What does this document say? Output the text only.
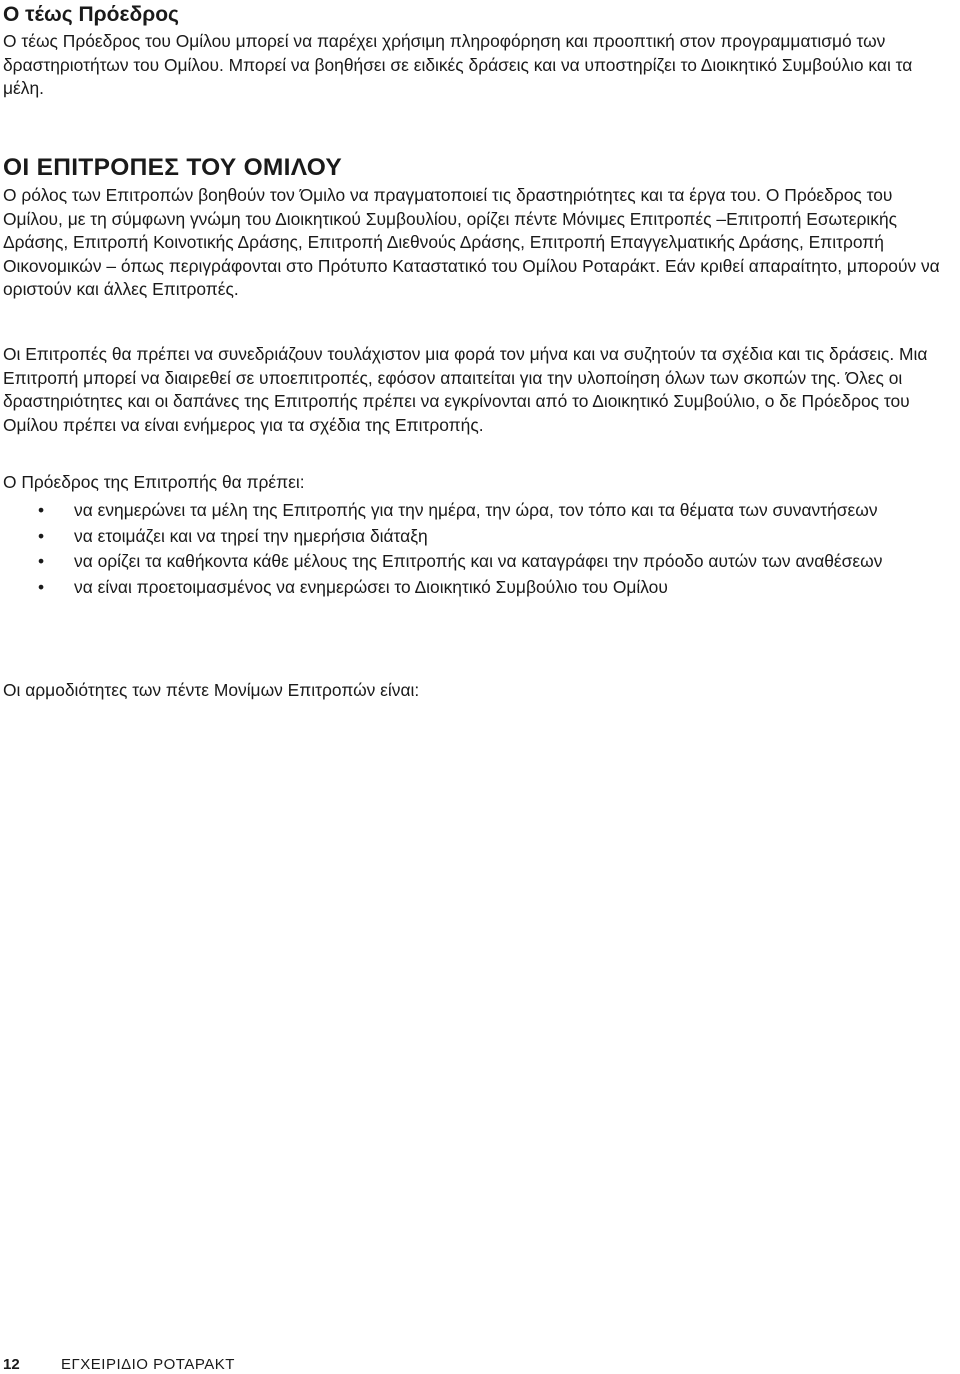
Ο τέως Πρόεδρος

Ο τέως Πρόεδρος του Ομίλου μπορεί να παρέχει χρήσιμη πληροφόρηση και προοπτική στον προγραμματισμό των δραστηριοτήτων του Ομίλου. Μπορεί να βοηθήσει σε ειδικές δράσεις και να υποστηρίζει το Διοικητικό Συμβούλιο και τα μέλη.

ΟΙ ΕΠΙΤΡΟΠΕΣ ΤΟΥ ΟΜΙΛΟΥ

Ο ρόλος των Επιτροπών βοηθούν τον Όμιλο να πραγματοποιεί τις δραστηριότητες και τα έργα του. Ο Πρόεδρος του Ομίλου, με τη σύμφωνη γνώμη του Διοικητικού Συμβουλίου, ορίζει πέντε Μόνιμες Επιτροπές –Επιτροπή Εσωτερικής Δράσης, Επιτροπή Κοινοτικής Δράσης, Επιτροπή Διεθνούς Δράσης, Επιτροπή Επαγγελματικής Δράσης, Επιτροπή Οικονομικών – όπως περιγράφονται στο Πρότυπο Καταστατικό του Ομίλου Ροταράκτ. Εάν κριθεί απαραίτητο, μπορούν να οριστούν και άλλες Επιτροπές.

Οι Επιτροπές θα πρέπει να συνεδριάζουν τουλάχιστον μια φορά τον μήνα και να συζητούν τα σχέδια και τις δράσεις. Μια Επιτροπή μπορεί να διαιρεθεί σε υποεπιτροπές, εφόσον απαιτείται για την υλοποίηση όλων των σκοπών της. Όλες οι δραστηριότητες και οι δαπάνες της Επιτροπής πρέπει να εγκρίνονται από το Διοικητικό Συμβούλιο, ο δε Πρόεδρος του Ομίλου πρέπει να είναι ενήμερος για τα σχέδια της Επιτροπής.

Ο Πρόεδρος της Επιτροπής θα πρέπει:

• να ενημερώνει τα μέλη της Επιτροπής για την ημέρα, την ώρα, τον τόπο και τα θέματα των συναντήσεων
• να ετοιμάζει και να τηρεί την ημερήσια διάταξη
• να ορίζει τα καθήκοντα κάθε μέλους της Επιτροπής και να καταγράφει την πρόοδο αυτών των αναθέσεων
• να είναι προετοιμασμένος να ενημερώσει το Διοικητικό Συμβούλιο του Ομίλου

Οι αρμοδιότητες των πέντε Μονίμων Επιτροπών είναι:

12	ΕΓΧΕΙΡΙΔΙΟ ΡΟΤΑΡΑΚΤ
